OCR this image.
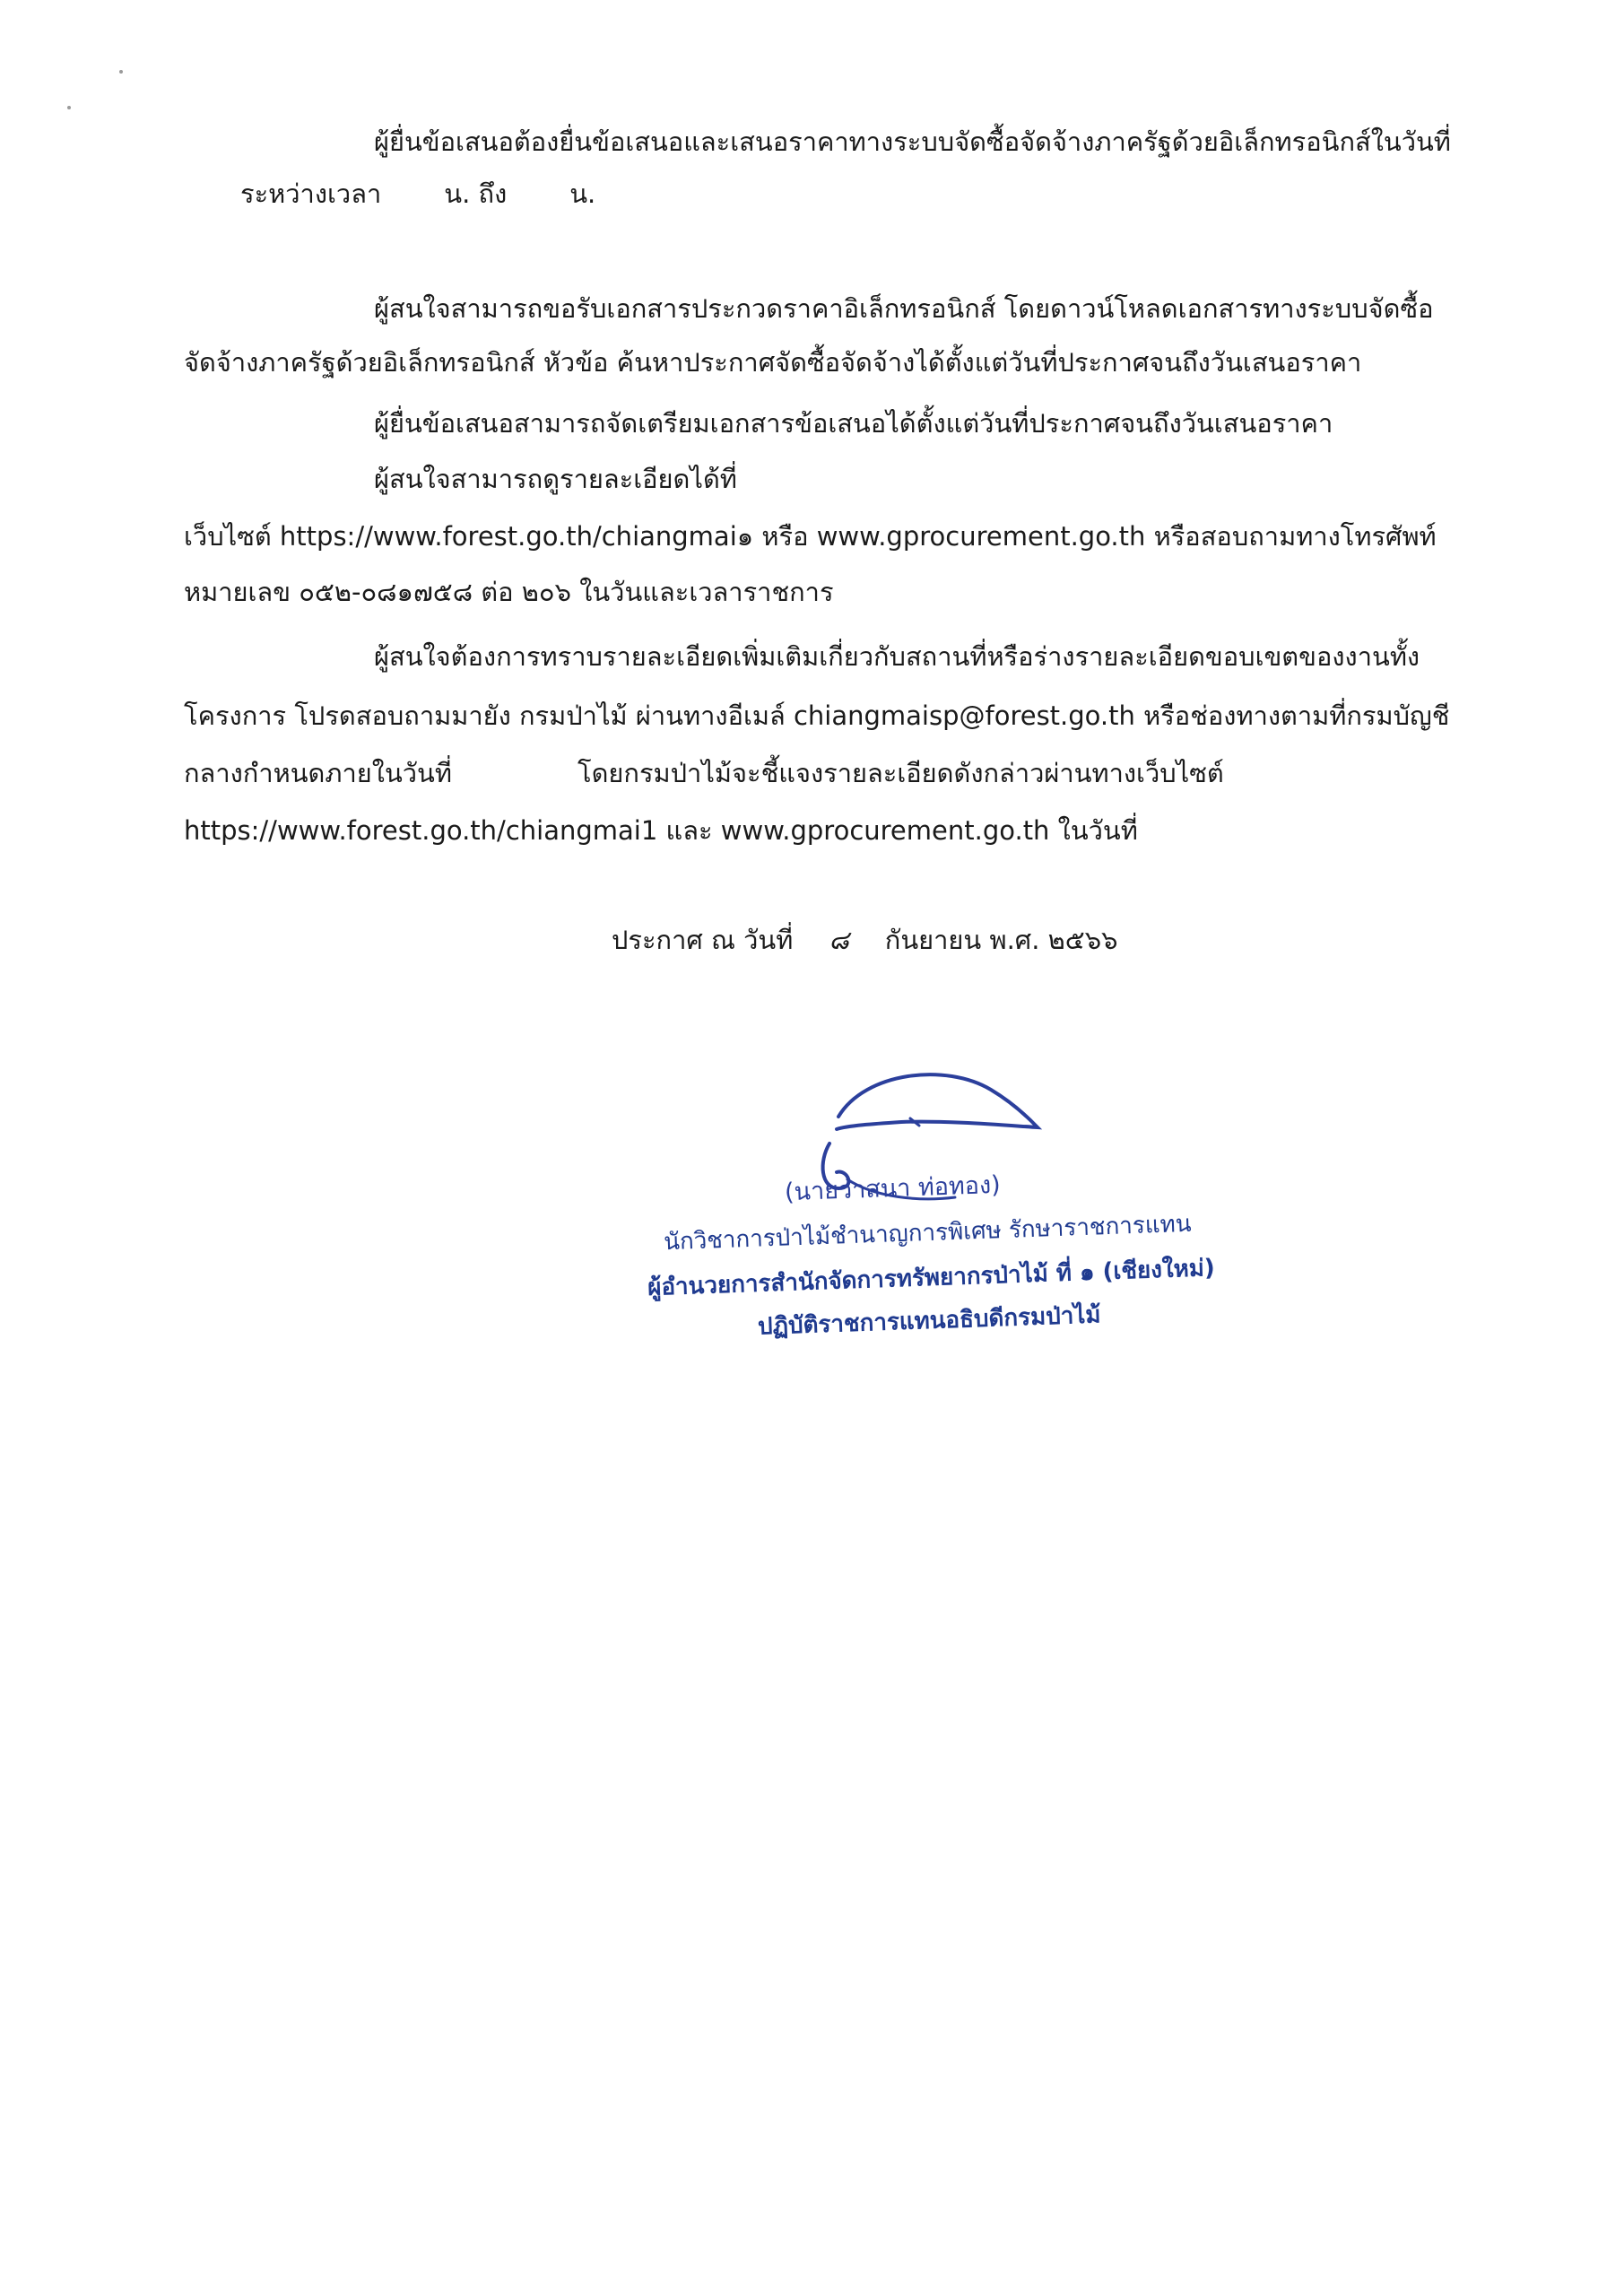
ผู้ยื่นข้อเสนอต้องยื่นข้อเสนอและเสนอราคาทางระบบจัดซื้อจัดจ้างภาครัฐด้วยอิเล็กทรอนิกส์ในวันที่
ระหว่างเวลา น. ถึง น.
ผู้สนใจสามารถขอรับเอกสารประกวดราคาอิเล็กทรอนิกส์ โดยดาวน์โหลดเอกสารทางระบบจัดซื้อ
จัดจ้างภาครัฐด้วยอิเล็กทรอนิกส์ หัวข้อ ค้นหาประกาศจัดซื้อจัดจ้างได้ตั้งแต่วันที่ประกาศจนถึงวันเสนอราคา
ผู้ยื่นข้อเสนอสามารถจัดเตรียมเอกสารข้อเสนอได้ตั้งแต่วันที่ประกาศจนถึงวันเสนอราคา
ผู้สนใจสามารถดูรายละเอียดได้ที่
เว็บไซต์ https://www.forest.go.th/chiangmai๑ หรือ www.gprocurement.go.th หรือสอบถามทางโทรศัพท์
หมายเลข ๐๕๒-๐๘๑๗๕๘ ต่อ ๒๐๖ ในวันและเวลาราชการ
ผู้สนใจต้องการทราบรายละเอียดเพิ่มเติมเกี่ยวกับสถานที่หรือร่างรายละเอียดขอบเขตของงานทั้ง
โครงการ โปรดสอบถามมายัง กรมป่าไม้ ผ่านทางอีเมล์ chiangmaisp@forest.go.th หรือช่องทางตามที่กรมบัญชี
กลางกำหนดภายในวันที่	โดยกรมป่าไม้จะชี้แจงรายละเอียดดังกล่าวผ่านทางเว็บไซต์
https://www.forest.go.th/chiangmai1 และ www.gprocurement.go.th ในวันที่
ประกาศ ณ วันที่ ๘ กันยายน พ.ศ. ๒๕๖๖
(นายวาสนา ท่อทอง)
นักวิชาการป่าไม้ชำนาญการพิเศษ รักษาราชการแทน
ผู้อำนวยการสำนักจัดการทรัพยากรป่าไม้ ที่ ๑ (เชียงใหม่)
ปฏิบัติราชการแทนอธิบดีกรมป่าไม้
